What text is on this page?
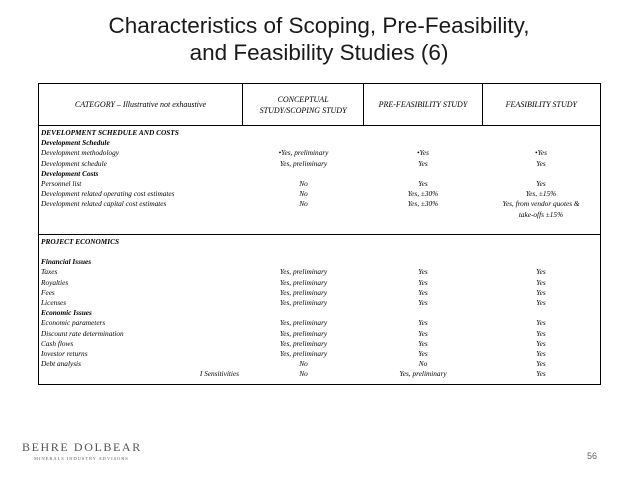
Characteristics of Scoping, Pre-Feasibility,
and Feasibility Studies (6)
CATEGORY – Illustrative not exhaustive
CONCEPTUAL
STUDY/SCOPING STUDY
PRE-FEASIBILITY STUDY	FEASIBILITY STUDY
DEVELOPMENT SCHEDULE AND COSTS
Development Schedule
Development methodology	•Yes, preliminary	•Yes	•Yes
Development schedule	Yes, preliminary	Yes	Yes
Development Costs
Personnel list	No	Yes	Yes
Development related operating cost estimates	No	Yes, ±30%	Yes, ±15%
Development related capital cost estimates	No	Yes, ±30%	Yes, from vendor quotes &
take-offs ±15%
PROJECT ECONOMICS

Financial Issues
Taxes	Yes, preliminary	Yes	Yes
Royalties	Yes, preliminary	Yes	Yes
Fees	Yes, preliminary	Yes	Yes
Licenses	Yes, preliminary	Yes	Yes
Economic Issues
Economic parameters	Yes, preliminary	Yes	Yes
Discount rate determination	Yes, preliminary	Yes	Yes
Cash flows	Yes, preliminary	Yes	Yes
Investor returns	Yes, preliminary	Yes	Yes
Debt analysis	No	No	Yes
I Sensitivities	No	Yes, preliminary	Yes
BEHRE DOLBEAR
MINERALS INDUSTRY ADVISORS	56
